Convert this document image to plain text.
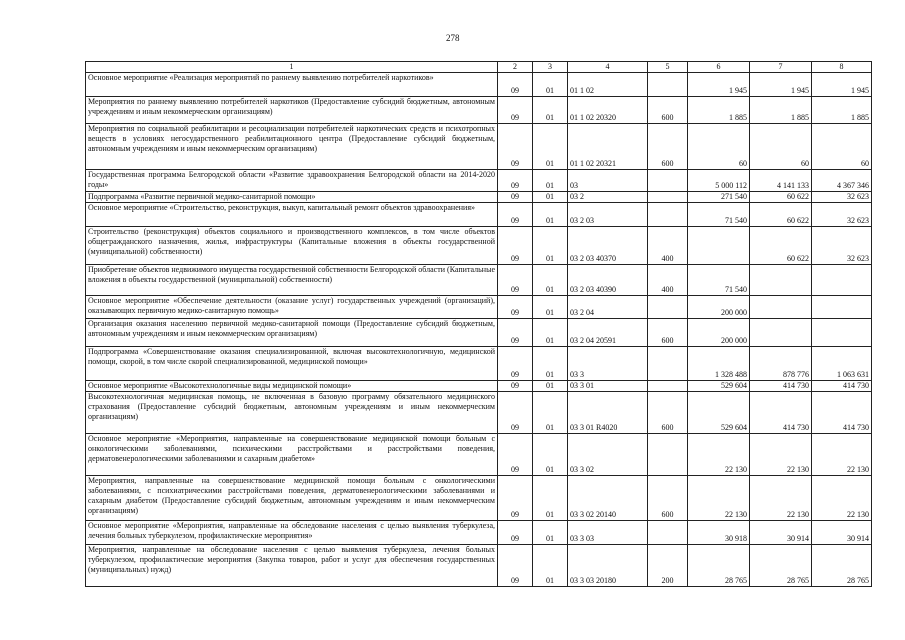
278
1	2	3	4	5	6	7	8
Основное мероприятие «Реализация мероприятий по раннему выявлению потребителей наркотиков»	09	01	01 1 02		1 945	1 945	1 945
Мероприятия по раннему выявлению потребителей наркотиков (Предоставление субсидий бюджетным, автономным учреждениям и иным некоммерческим организациям)	09	01	01 1 02 20320	600	1 885	1 885	1 885
Мероприятия по социальной реабилитации и ресоциализации потребителей наркотических средств и психотропных веществ в условиях негосударственного реабилитационного центра (Предоставление субсидий бюджетным, автономным учреждениям и иным некоммерческим организациям)	09	01	01 1 02 20321	600	60	60	60
Государственная программа Белгородской области «Развитие здравоохранения Белгородской области на 2014-2020 годы»	09	01	03		5 000 112	4 141 133	4 367 346
Подпрограмма «Развитие первичной медико-санитарной помощи»	09	01	03 2		271 540	60 622	32 623
Основное мероприятие «Строительство, реконструкция, выкуп, капитальный ремонт объектов здравоохранения»	09	01	03 2 03		71 540	60 622	32 623
Строительство (реконструкция) объектов социального и производственного комплексов, в том числе объектов общегражданского назначения, жилья, инфраструктуры (Капитальные вложения в объекты государственной (муниципальной) собственности)	09	01	03 2 03 40370	400		60 622	32 623
Приобретение объектов недвижимого имущества государственной собственности Белгородской области (Капитальные вложения в объекты государственной (муниципальной) собственности)	09	01	03 2 03 40390	400	71 540		
Основное мероприятие «Обеспечение деятельности (оказание услуг) государственных учреждений (организаций), оказывающих первичную медико-санитарную помощь»	09	01	03 2 04		200 000		
Организация оказания населению первичной медико-санитарной помощи (Предоставление субсидий бюджетным, автономным учреждениям и иным некоммерческим организациям)	09	01	03 2 04 20591	600	200 000		
Подпрограмма «Совершенствование оказания специализированной, включая высокотехнологичную, медицинской помощи, скорой, в том числе скорой специализированной, медицинской помощи»	09	01	03 3		1 328 488	878 776	1 063 631
Основное мероприятие «Высокотехнологичные виды медицинской помощи»	09	01	03 3 01		529 604	414 730	414 730
Высокотехнологичная медицинская помощь, не включенная в базовую программу обязательного медицинского страхования (Предоставление субсидий бюджетным, автономным учреждениям и иным некоммерческим организациям)	09	01	03 3 01 R4020	600	529 604	414 730	414 730
Основное мероприятие «Мероприятия, направленные на совершенствование медицинской помощи больным с онкологическими заболеваниями, психическими расстройствами и расстройствами поведения, дерматовенерологическими заболеваниями и сахарным диабетом»	09	01	03 3 02		22 130	22 130	22 130
Мероприятия, направленные на совершенствование медицинской помощи больным с онкологическими заболеваниями, с психиатрическими расстройствами поведения, дерматовенерологическими заболеваниями и сахарным диабетом (Предоставление субсидий бюджетным, автономным учреждениям и иным некоммерческим организациям)	09	01	03 3 02 20140	600	22 130	22 130	22 130
Основное мероприятие «Мероприятия, направленные на обследование населения с целью выявления туберкулеза, лечения больных туберкулезом, профилактические мероприятия»	09	01	03 3 03		30 918	30 914	30 914
Мероприятия, направленные на обследование населения с целью выявления туберкулеза, лечения больных туберкулезом, профилактические мероприятия (Закупка товаров, работ и услуг для обеспечения государственных (муниципальных) нужд)	09	01	03 3 03 20180	200	28 765	28 765	28 765
